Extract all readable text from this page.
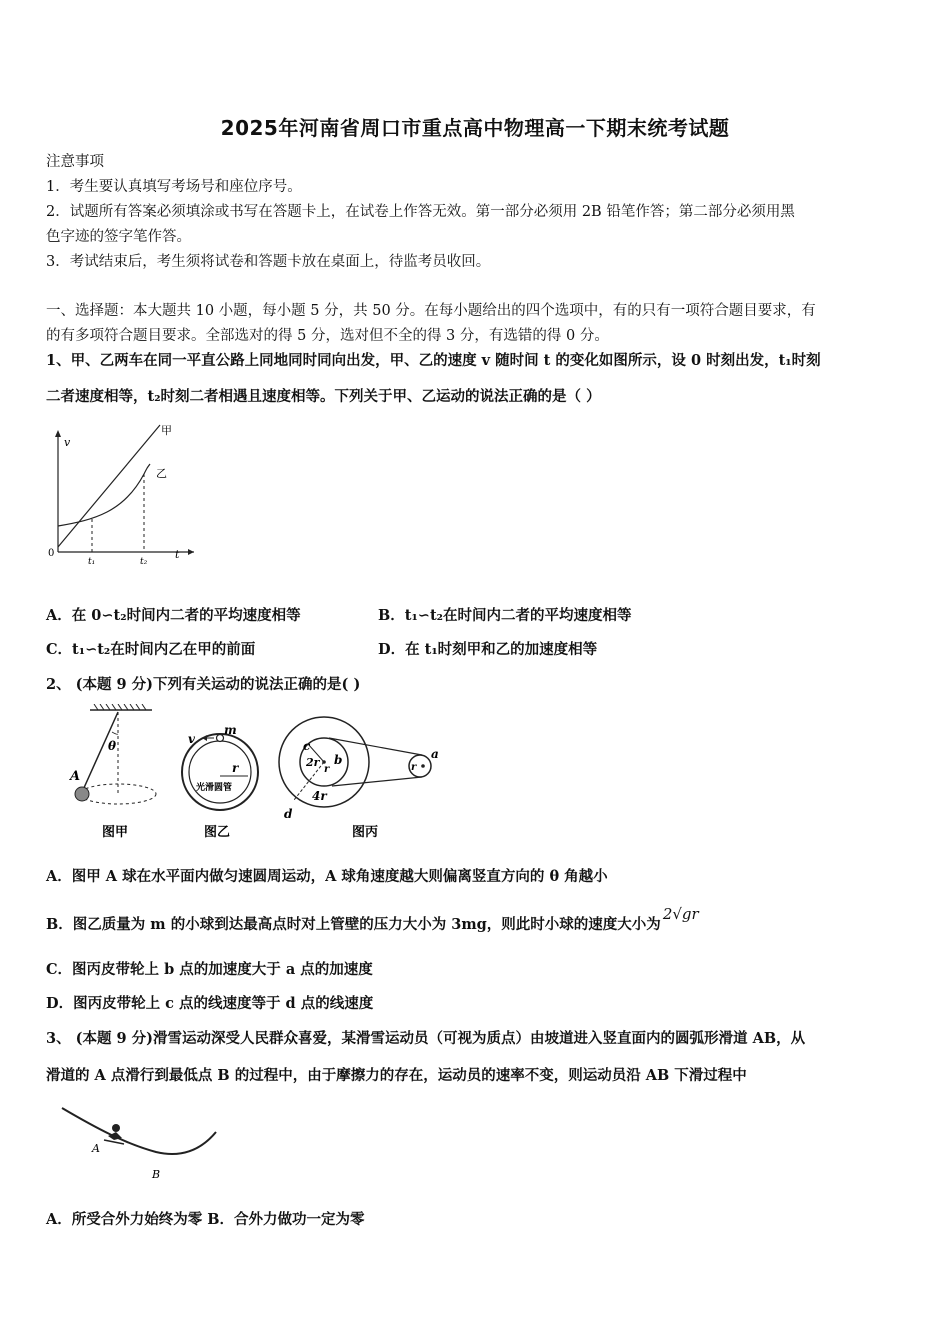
2025年河南省周口市重点高中物理高一下期末统考试题
注意事项
1．考生要认真填写考场号和座位序号。
2．试题所有答案必须填涂或书写在答题卡上，在试卷上作答无效。第一部分必须用 2B 铅笔作答；第二部分必须用黑
色字迹的签字笔作答。
3．考试结束后，考生须将试卷和答题卡放在桌面上，待监考员收回。
一、选择题：本大题共 10 小题，每小题 5 分，共 50 分。在每小题给出的四个选项中，有的只有一项符合题目要求，有
的有多项符合题目要求。全部选对的得 5 分，选对但不全的得 3 分，有选错的得 0 分。
1、甲、乙两车在同一平直公路上同地同时同向出发，甲、乙的速度 v 随时间 t 的变化如图所示，设 0 时刻出发，t₁时刻
二者速度相等，t₂时刻二者相遇且速度相等。下列关于甲、乙运动的说法正确的是（ ）
v
0
t₁	t₂
t
甲
乙
A．在 0∽t₂时间内二者的平均速度相等	B．t₁∽t₂在时间内二者的平均速度相等
C．t₁∽t₂在时间内乙在甲的前面	D．在 t₁时刻甲和乙的加速度相等
2、 (本题 9 分)下列有关运动的说法正确的是( )
θ
A
图甲
v
m
r
光滑圆管
图乙
c
b	a
d
2r
r
4r
r
图丙
A．图甲 A 球在水平面内做匀速圆周运动，A 球角速度越大则偏离竖直方向的 θ 角越小
B．图乙质量为 m 的小球到达最高点时对上管壁的压力大小为 3mg，则此时小球的速度大小为2√gr
C．图丙皮带轮上 b 点的加速度大于 a 点的加速度
D．图丙皮带轮上 c 点的线速度等于 d 点的线速度
3、 (本题 9 分)滑雪运动深受人民群众喜爱，某滑雪运动员（可视为质点）由坡道进入竖直面内的圆弧形滑道 AB，从
滑道的 A 点滑行到最低点 B 的过程中，由于摩擦力的存在，运动员的速率不变，则运动员沿 AB 下滑过程中
A
B
A．所受合外力始终为零 B．合外力做功一定为零
